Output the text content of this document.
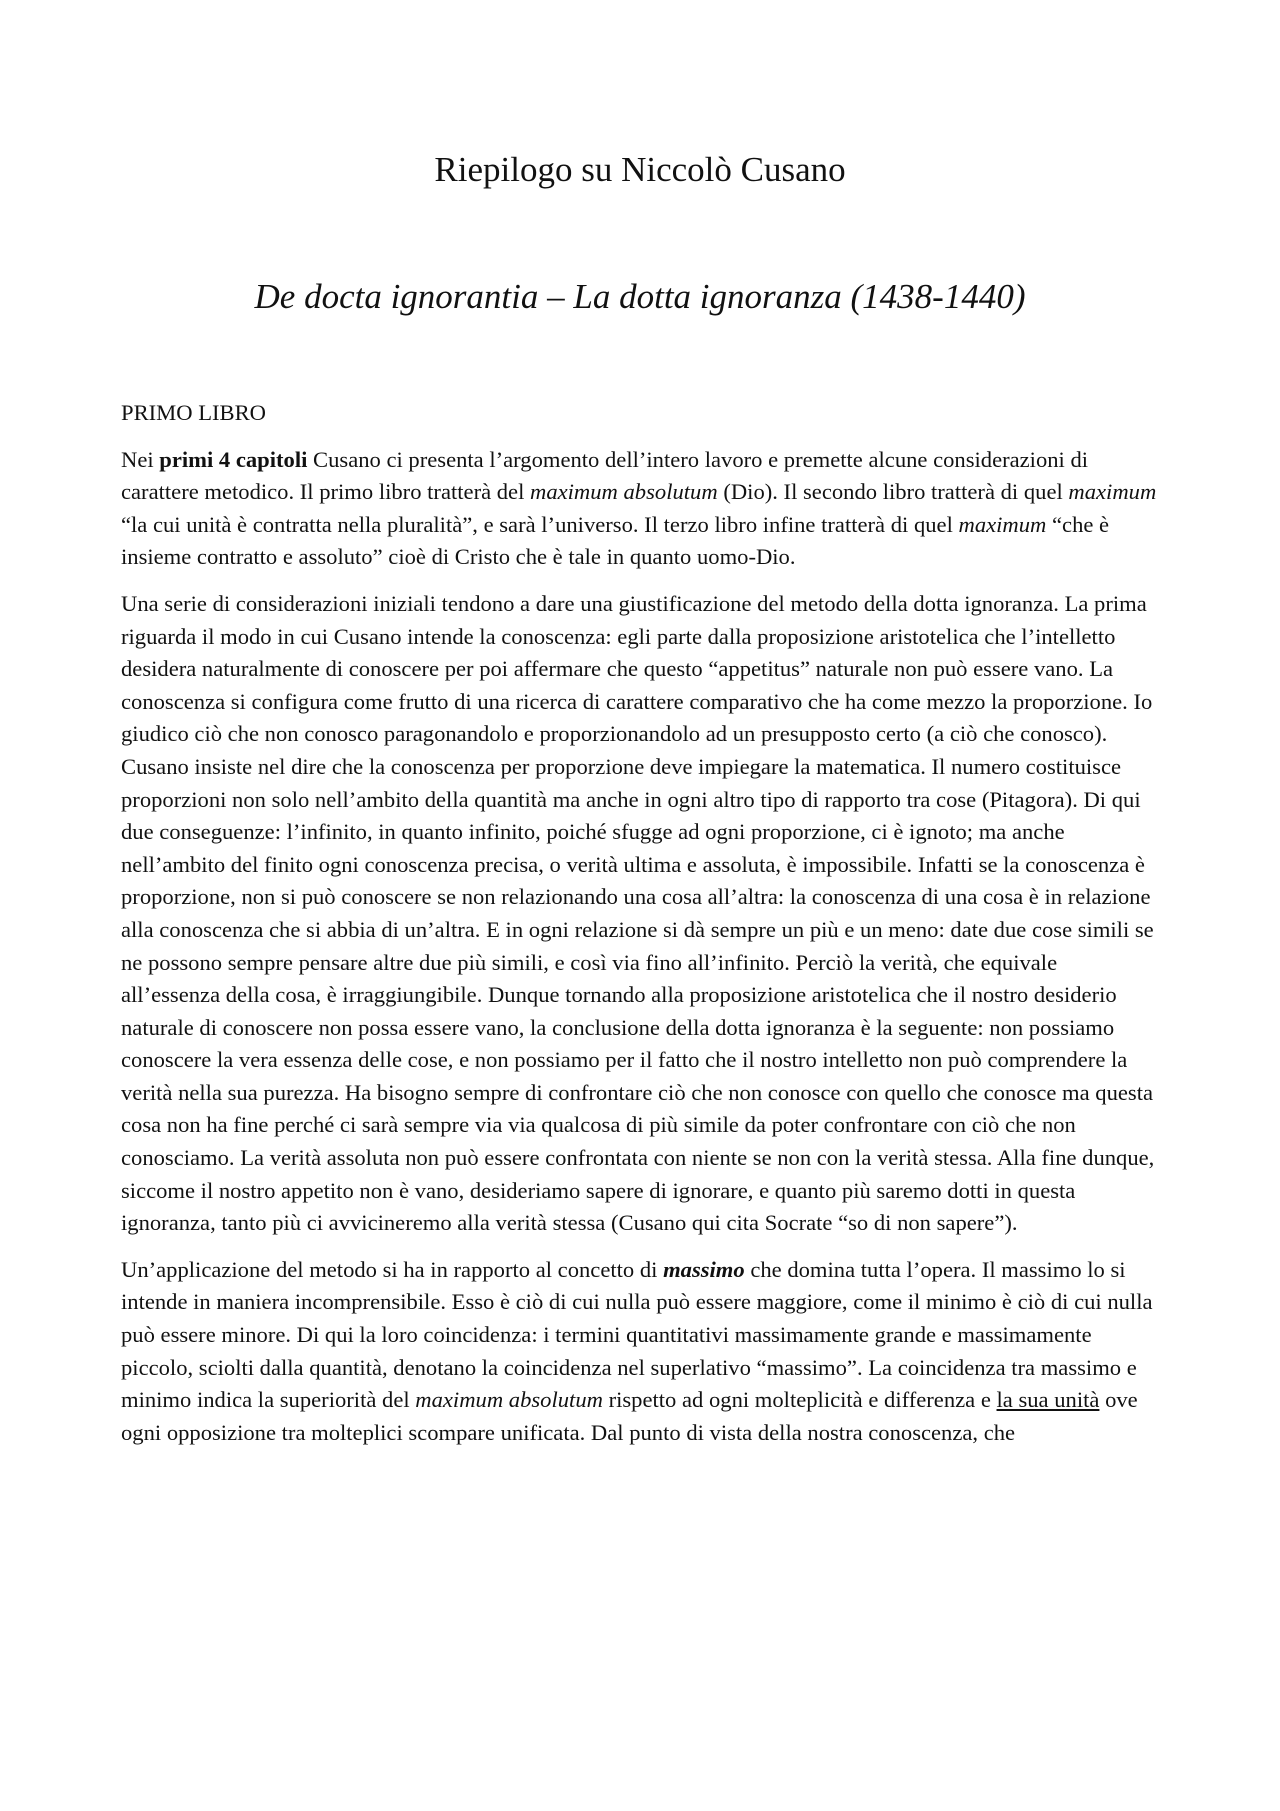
Riepilogo su Niccolò Cusano
De docta ignorantia – La dotta ignoranza (1438-1440)

PRIMO LIBRO

Nei primi 4 capitoli Cusano ci presenta l’argomento dell’intero lavoro e premette alcune considerazioni di carattere metodico. Il primo libro tratterà del maximum absolutum (Dio). Il secondo libro tratterà di quel maximum “la cui unità è contratta nella pluralità”, e sarà l’universo. Il terzo libro infine tratterà di quel maximum “che è insieme contratto e assoluto” cioè di Cristo che è tale in quanto uomo-Dio.

Una serie di considerazioni iniziali tendono a dare una giustificazione del metodo della dotta ignoranza. La prima riguarda il modo in cui Cusano intende la conoscenza: egli parte dalla proposizione aristotelica che l’intelletto desidera naturalmente di conoscere per poi affermare che questo “appetitus” naturale non può essere vano. La conoscenza si configura come frutto di una ricerca di carattere comparativo che ha come mezzo la proporzione. Io giudico ciò che non conosco paragonandolo e proporzionandolo ad un presupposto certo (a ciò che conosco). Cusano insiste nel dire che la conoscenza per proporzione deve impiegare la matematica. Il numero costituisce proporzioni non solo nell’ambito della quantità ma anche in ogni altro tipo di rapporto tra cose (Pitagora). Di qui due conseguenze: l’infinito, in quanto infinito, poiché sfugge ad ogni proporzione, ci è ignoto; ma anche nell’ambito del finito ogni conoscenza precisa, o verità ultima e assoluta, è impossibile. Infatti se la conoscenza è proporzione, non si può conoscere se non relazionando una cosa all’altra: la conoscenza di una cosa è in relazione alla conoscenza che si abbia di un’altra. E in ogni relazione si dà sempre un più e un meno: date due cose simili se ne possono sempre pensare altre due più simili, e così via fino all’infinito. Perciò la verità, che equivale all’essenza della cosa, è irraggiungibile. Dunque tornando alla proposizione aristotelica che il nostro desiderio naturale di conoscere non possa essere vano, la conclusione della dotta ignoranza è la seguente: non possiamo conoscere la vera essenza delle cose, e non possiamo per il fatto che il nostro intelletto non può comprendere la verità nella sua purezza. Ha bisogno sempre di confrontare ciò che non conosce con quello che conosce ma questa cosa non ha fine perché ci sarà sempre via via qualcosa di più simile da poter confrontare con ciò che non conosciamo. La verità assoluta non può essere confrontata con niente se non con la verità stessa. Alla fine dunque, siccome il nostro appetito non è vano, desideriamo sapere di ignorare, e quanto più saremo dotti in questa ignoranza, tanto più ci avvicineremo alla verità stessa (Cusano qui cita Socrate “so di non sapere”).

Un’applicazione del metodo si ha in rapporto al concetto di massimo che domina tutta l’opera. Il massimo lo si intende in maniera incomprensibile. Esso è ciò di cui nulla può essere maggiore, come il minimo è ciò di cui nulla può essere minore. Di qui la loro coincidenza: i termini quantitativi massimamente grande e massimamente piccolo, sciolti dalla quantità, denotano la coincidenza nel superlativo “massimo”. La coincidenza tra massimo e minimo indica la superiorità del maximum absolutum rispetto ad ogni molteplicità e differenza e la sua unità ove ogni opposizione tra molteplici scompare unificata. Dal punto di vista della nostra conoscenza, che
